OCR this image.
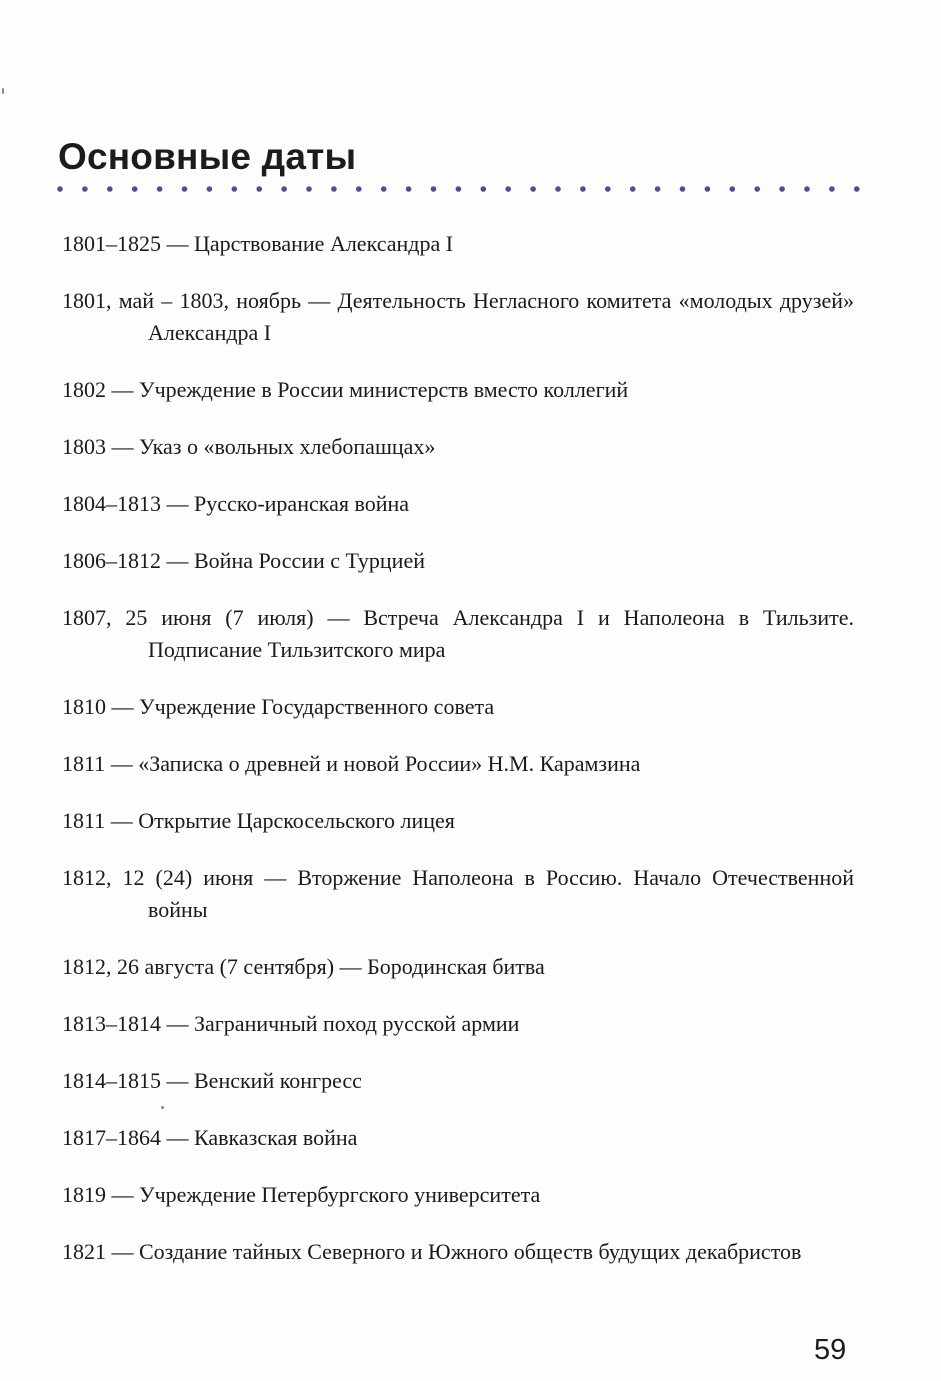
Основные даты
1801–1825 — Царствование Александра I
1801, май – 1803, ноябрь — Деятельность Негласного комитета «молодых друзей» Александра I
1802 — Учреждение в России министерств вместо коллегий
1803 — Указ о «вольных хлебопашцах»
1804–1813 — Русско-иранская война
1806–1812 — Война России с Турцией
1807, 25 июня (7 июля) — Встреча Александра I и Наполеона в Тильзите. Подписание Тильзитского мира
1810 — Учреждение Государственного совета
1811 — «Записка о древней и новой России» Н.М. Карамзина
1811 — Открытие Царскосельского лицея
1812, 12 (24) июня — Вторжение Наполеона в Россию. Начало Отечественной войны
1812, 26 августа (7 сентября) — Бородинская битва
1813–1814 — Заграничный поход русской армии
1814–1815 — Венский конгресс
1817–1864 — Кавказская война
1819 — Учреждение Петербургского университета
1821 — Создание тайных Северного и Южного обществ будущих декабристов
59
